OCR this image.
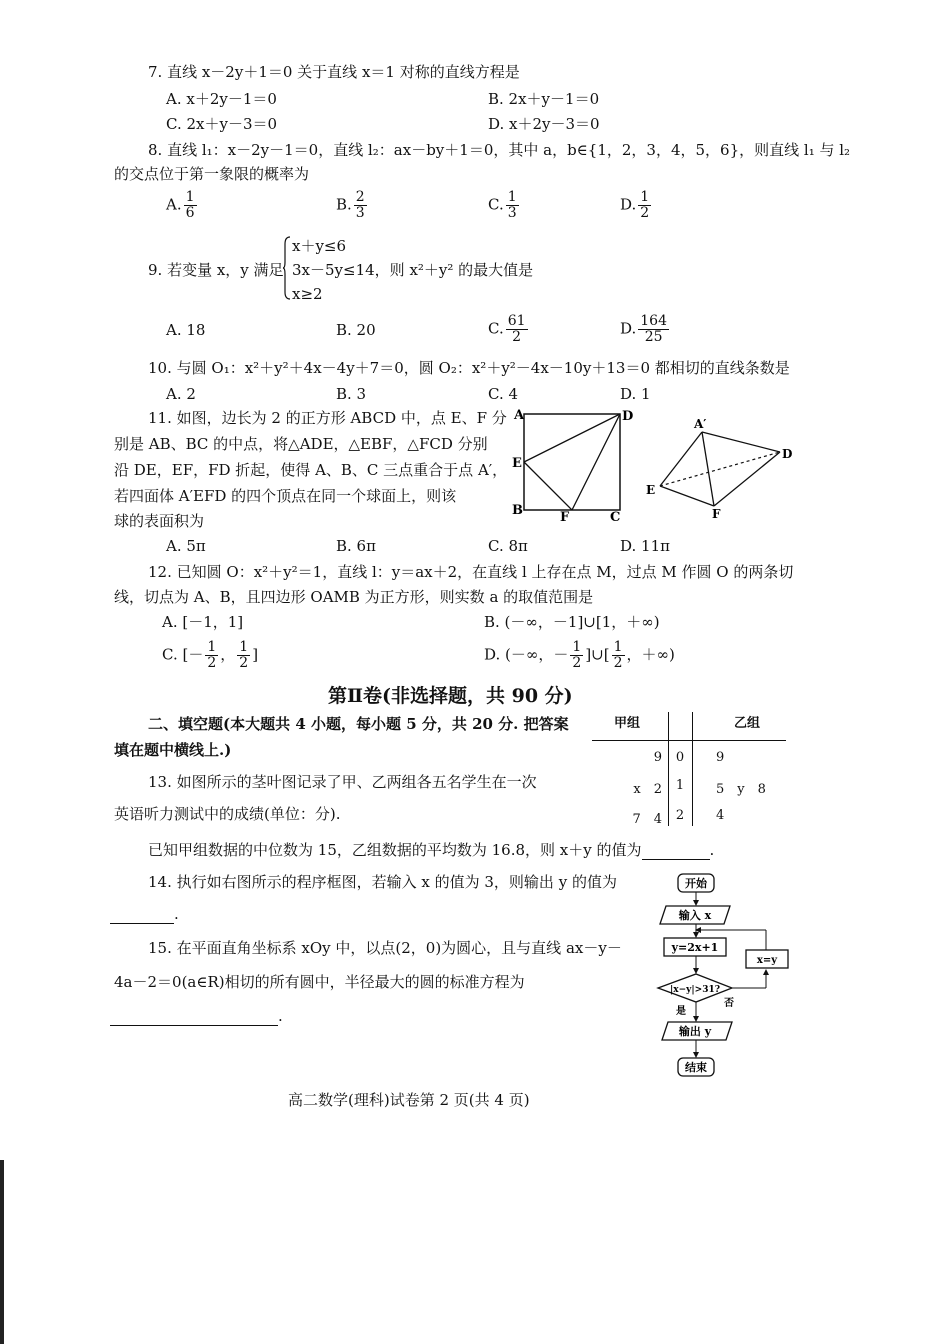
7. 直线 x－2y＋1＝0 关于直线 x＝1 对称的直线方程是
A. x＋2y－1＝0	B. 2x＋y－1＝0
C. 2x＋y－3＝0	D. x＋2y－3＝0
8. 直线 l₁：x－2y－1＝0，直线 l₂：ax－by＋1＝0，其中 a，b∈{1，2，3，4，5，6}，则直线 l₁ 与 l₂
的交点位于第一象限的概率为
A. $\frac{1}{6}$	B. $\frac{2}{3}$	C. $\frac{1}{3}$	D. $\frac{1}{2}$
9. 若变量 x，y 满足
x＋y≤6
3x－5y≤14，则 x²＋y² 的最大值是
x≥2
A. 18	B. 20	C. $\frac{61}{2}$	D. $\frac{164}{25}$
10. 与圆 O₁：x²＋y²＋4x－4y＋7＝0，圆 O₂：x²＋y²－4x－10y＋13＝0 都相切的直线条数是
A. 2	B. 3	C. 4	D. 1
11. 如图，边长为 2 的正方形 ABCD 中，点 E、F 分
别是 AB、BC 的中点，将△ADE，△EBF，△FCD 分别
沿 DE，EF，FD 折起，使得 A、B、C 三点重合于点 A′，
若四面体 A′EFD 的四个顶点在同一个球面上，则该
球的表面积为
A	D
E
B	F	C
A′
D
E
F
A. 5π	B. 6π	C. 8π	D. 11π
12. 已知圆 O：x²＋y²＝1，直线 l：y＝ax＋2，在直线 l 上存在点 M，过点 M 作圆 O 的两条切
线，切点为 A、B，且四边形 OAMB 为正方形，则实数 a 的取值范围是
A. [－1，1]	B. (－∞，－1]∪[1，＋∞)
C. [－ $\frac{1}{2}$ ， $\frac{1}{2}$ ]	D. (－∞，－ $\frac{1}{2}$ ]∪[ $\frac{1}{2}$ ，＋∞)
第Ⅱ卷(非选择题，共 90 分)
二、填空题(本大题共 4 小题，每小题 5 分，共 20 分. 把答案
填在题中横线上.)
13. 如图所示的茎叶图记录了甲、乙两组各五名学生在一次
英语听力测试中的成绩(单位：分).
已知甲组数据的中位数为 15，乙组数据的平均数为 16.8，则 x＋y 的值为	.
甲组	乙组
9	0	9
x　2	1	5　y　8
7　4	2	4
14. 执行如右图所示的程序框图，若输入 x 的值为 3，则输出 y 的值为
.
15. 在平面直角坐标系 xOy 中，以点(2，0)为圆心，且与直线 ax－y－
4a－2＝0(a∈R)相切的所有圆中，半径最大的圆的标准方程为
.
开始
输入 x
y=2x+1
|x−y|>31?
是
否
x=y
输出 y
结束
高二数学(理科)试卷第 2 页(共 4 页)
